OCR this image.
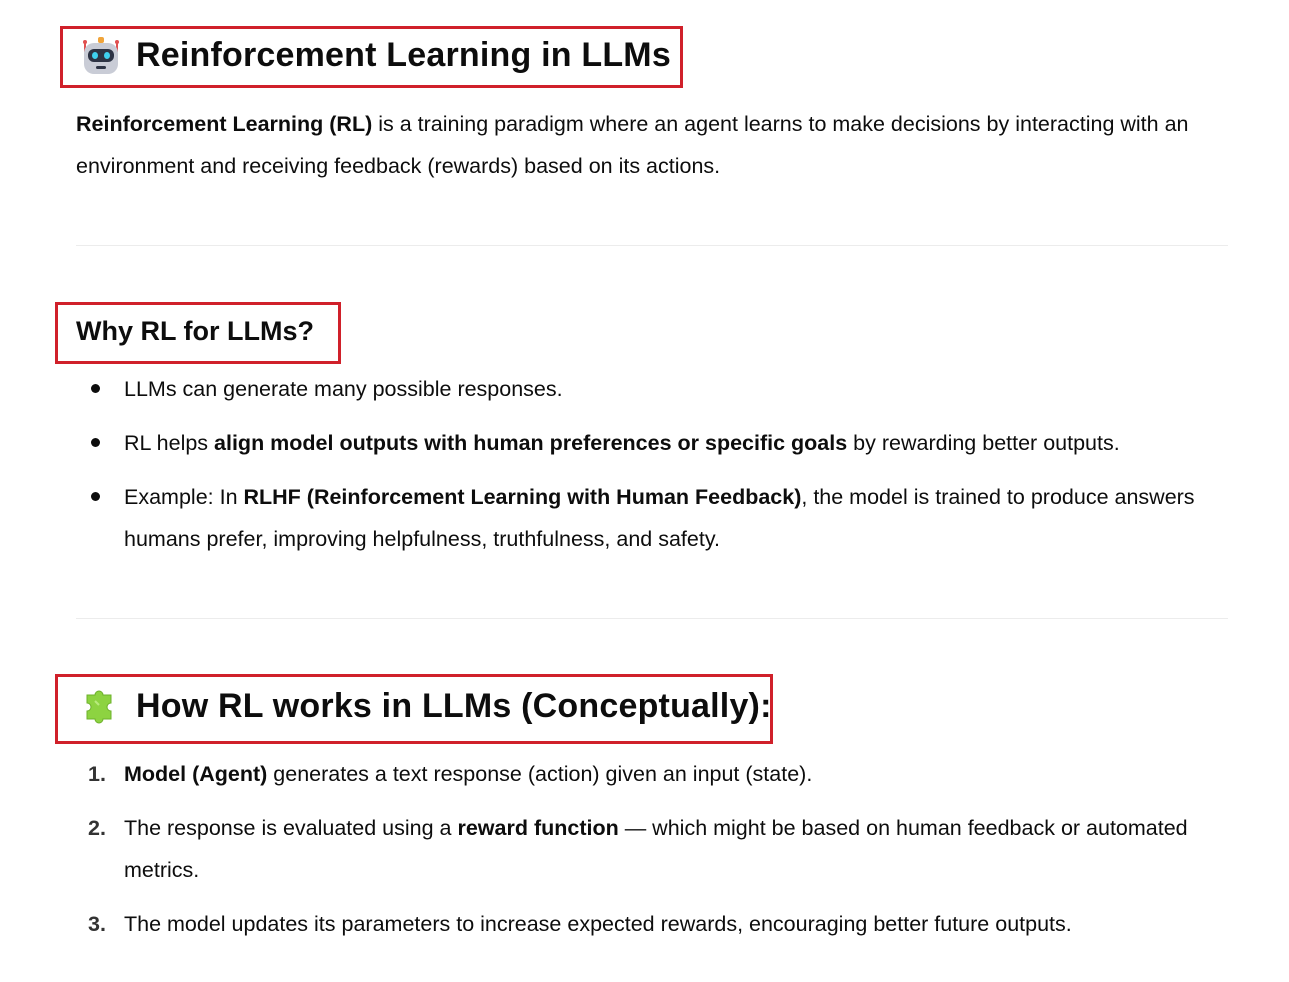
Reinforcement Learning in LLMs
Reinforcement Learning (RL) is a training paradigm where an agent learns to make decisions by interacting with an environment and receiving feedback (rewards) based on its actions.
Why RL for LLMs?
LLMs can generate many possible responses.
RL helps align model outputs with human preferences or specific goals by rewarding better outputs.
Example: In RLHF (Reinforcement Learning with Human Feedback), the model is trained to produce answers humans prefer, improving helpfulness, truthfulness, and safety.
How RL works in LLMs (Conceptually):
1. Model (Agent) generates a text response (action) given an input (state).
2. The response is evaluated using a reward function — which might be based on human feedback or automated metrics.
3. The model updates its parameters to increase expected rewards, encouraging better future outputs.
